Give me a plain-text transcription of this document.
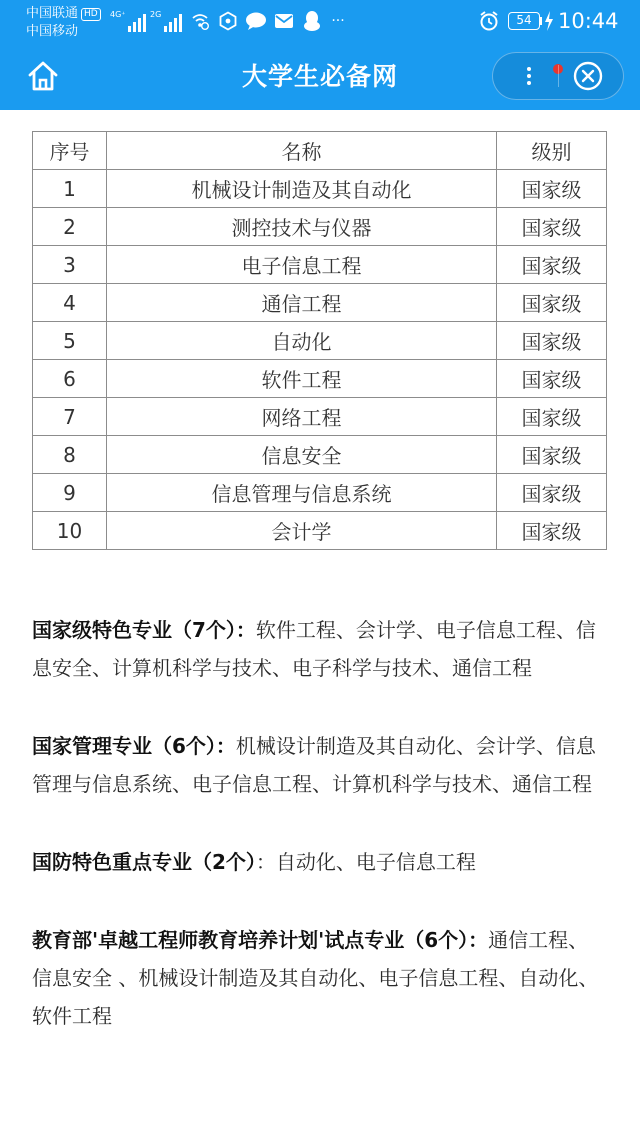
中国联通 HD
中国移动
4G⁺	2G	···	54	10:44
大学生必备网
序号	名称	级别
1	机械设计制造及其自动化	国家级
2	测控技术与仪器	国家级
3	电子信息工程	国家级
4	通信工程	国家级
5	自动化	国家级
6	软件工程	国家级
7	网络工程	国家级
8	信息安全	国家级
9	信息管理与信息系统	国家级
10	会计学	国家级

国家级特色专业（7个）：软件工程、会计学、电子信息工程、信息安全、计算机科学与技术、电子科学与技术、通信工程

国家管理专业（6个）：机械设计制造及其自动化、会计学、信息管理与信息系统、电子信息工程、计算机科学与技术、通信工程

国防特色重点专业（2个）：自动化、电子信息工程

教育部'卓越工程师教育培养计划'试点专业（6个）：通信工程、信息安全 、机械设计制造及其自动化、电子信息工程、自动化、软件工程
